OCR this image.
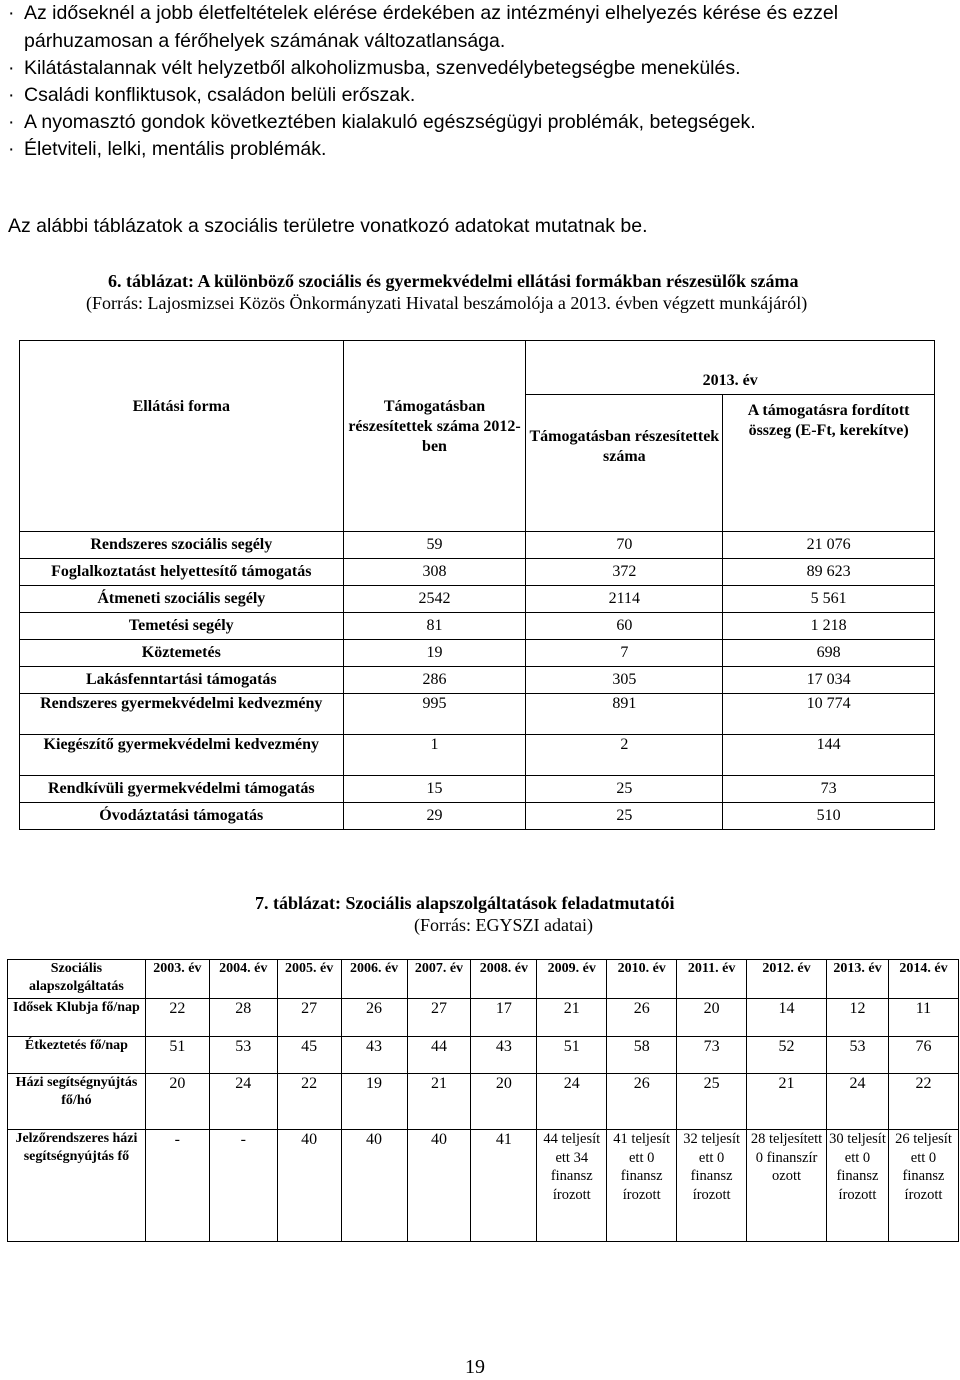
· Az időseknél a jobb életfeltételek elérése érdekében az intézményi elhelyezés kérése és ezzel
párhuzamosan a férőhelyek számának változatlansága.
· Kilátástalannak vélt helyzetből alkoholizmusba, szenvedélybetegségbe menekülés.
· Családi konfliktusok, családon belüli erőszak.
· A nyomasztó gondok következtében kialakuló egészségügyi problémák, betegségek.
· Életviteli, lelki, mentális problémák.
Az alábbi táblázatok a szociális területre vonatkozó adatokat mutatnak be.
6. táblázat: A különböző szociális és gyermekvédelmi ellátási formákban részesülők száma
(Forrás: Lajosmizsei Közös Önkormányzati Hivatal beszámolója a 2013. évben végzett munkájáról)
Ellátási forma	Támogatásban részesítettek száma 2012-ben	2013. év	
		Támogatásban részesítettek száma	A támogatásra fordított összeg (E-Ft, kerekítve)
Rendszeres szociális segély	59	70	21 076
Foglalkoztatást helyettesítő támogatás	308	372	89 623
Átmeneti szociális segély	2542	2114	5 561
Temetési segély	81	60	1 218
Köztemetés	19	7	698
Lakásfenntartási támogatás	286	305	17 034
Rendszeres gyermekvédelmi kedvezmény	995	891	10 774
Kiegészítő gyermekvédelmi kedvezmény	1	2	144
Rendkívüli gyermekvédelmi támogatás	15	25	73
Óvodáztatási támogatás	29	25	510
7. táblázat: Szociális alapszolgáltatások feladatmutatói
(Forrás: EGYSZI adatai)
Szociális alapszolgáltatás	2003. év	2004. év	2005. év	2006. év	2007. év	2008. év	2009. év	2010. év	2011. év	2012. év	2013. év	2014. év
Idősek Klubja fő/nap	22	28	27	26	27	17	21	26	20	14	12	11
Étkeztetés fő/nap	51	53	45	43	44	43	51	58	73	52	53	76
Házi segítségnyújtás fő/hó	20	24	22	19	21	20	24	26	25	21	24	22
Jelzőrendszeres házi segítségnyújtás fő	-	-	40	40	40	41	44 teljesít ett 34 finansz írozott	41 teljesít ett 0 finansz írozott	32 teljesít ett 0 finansz írozott	28 teljesített 0 finanszír ozott	30 teljesít ett 0 finansz írozott	26 teljesít ett 0 finansz írozott
19
